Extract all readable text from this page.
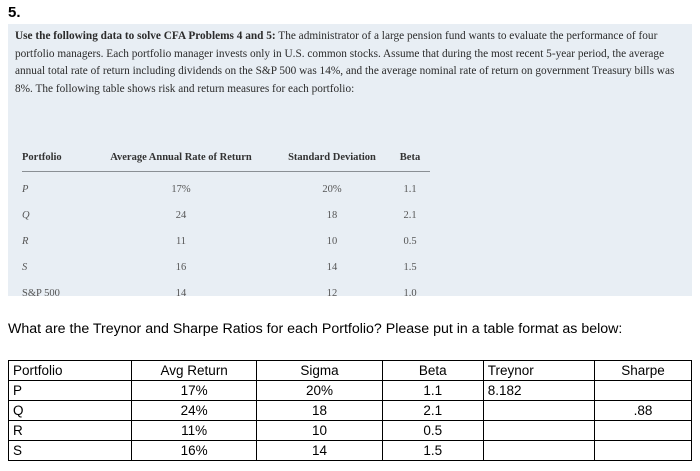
5.
Use the following data to solve CFA Problems 4 and 5: The administrator of a large pension fund wants to evaluate the performance of four portfolio managers. Each portfolio manager invests only in U.S. common stocks. Assume that during the most recent 5-year period, the average annual total rate of return including dividends on the S&P 500 was 14%, and the average nominal rate of return on government Treasury bills was 8%. The following table shows risk and return measures for each portfolio:
Portfolio	Average Annual Rate of Return	Standard Deviation	Beta
P	17%	20%	1.1
Q	24	18	2.1
R	11	10	0.5
S	16	14	1.5
S&P 500	14	12	1.0
What are the Treynor and Sharpe Ratios for each Portfolio? Please put in a table format as below:
Portfolio	Avg Return	Sigma	Beta	Treynor	Sharpe
P	17%	20%	1.1	8.182	
Q	24%	18	2.1		.88
R	11%	10	0.5		
S	16%	14	1.5		
